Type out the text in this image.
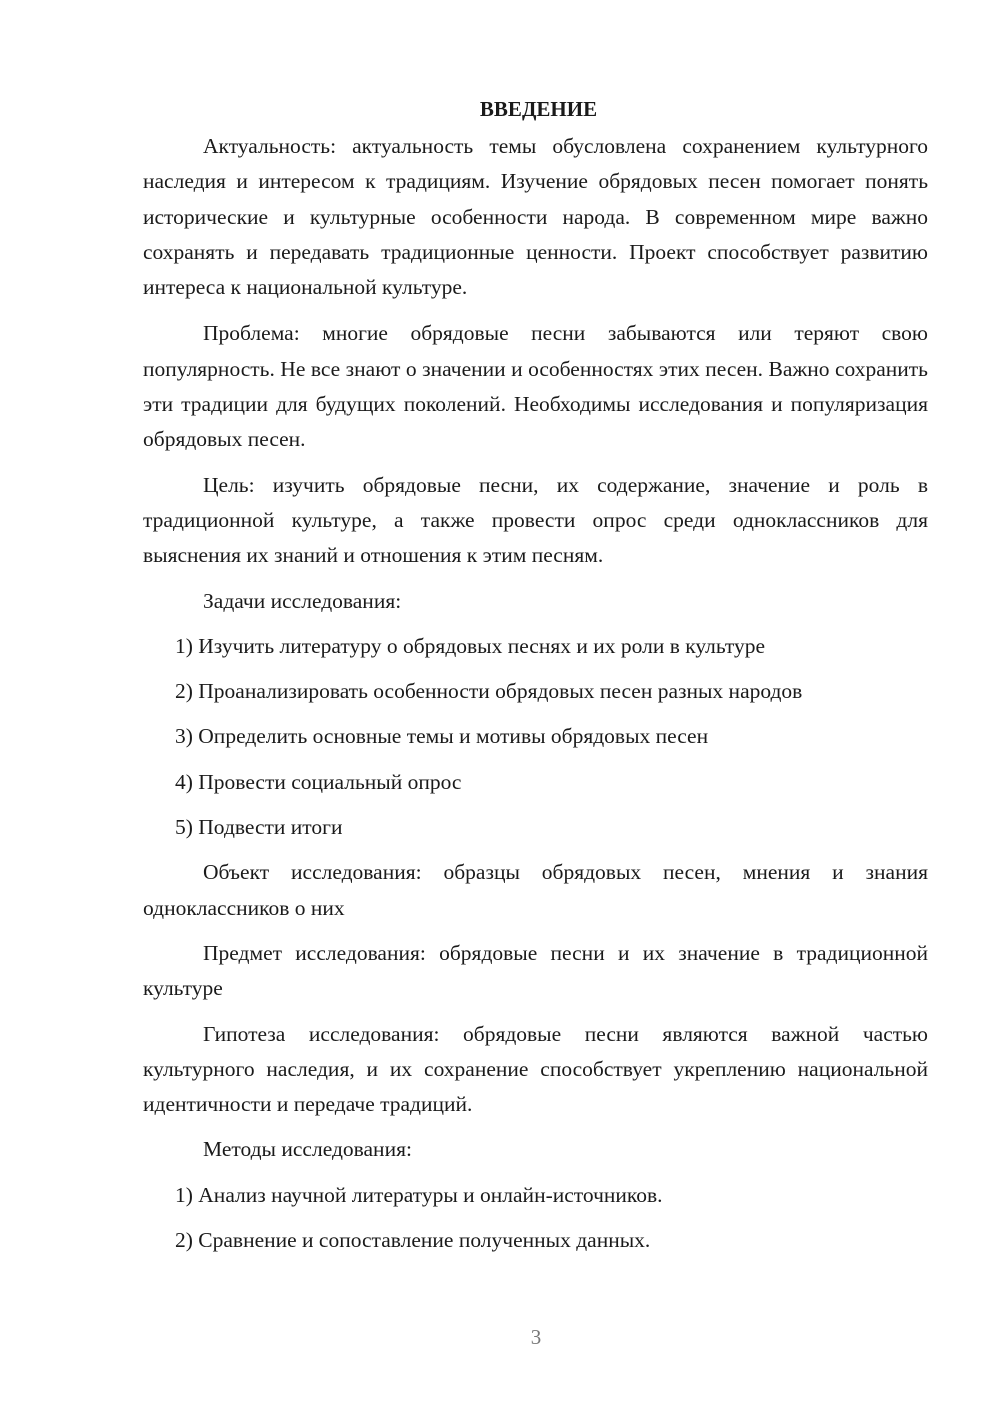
ВВЕДЕНИЕ

Актуальность: актуальность темы обусловлена сохранением культурного наследия и интересом к традициям. Изучение обрядовых песен помогает понять исторические и культурные особенности народа. В современном мире важно сохранять и передавать традиционные ценности. Проект способствует развитию интереса к национальной культуре.

Проблема: многие обрядовые песни забываются или теряют свою популярность. Не все знают о значении и особенностях этих песен. Важно сохранить эти традиции для будущих поколений. Необходимы исследования и популяризация обрядовых песен.

Цель: изучить обрядовые песни, их содержание, значение и роль в традиционной культуре, а также провести опрос среди одноклассников для выяснения их знаний и отношения к этим песням.

Задачи исследования:

1) Изучить литературу о обрядовых песнях и их роли в культуре
2) Проанализировать особенности обрядовых песен разных народов
3) Определить основные темы и мотивы обрядовых песен
4) Провести социальный опрос
5) Подвести итоги

Объект исследования: образцы обрядовых песен, мнения и знания одноклассников о них

Предмет исследования: обрядовые песни и их значение в традиционной культуре

Гипотеза исследования: обрядовые песни являются важной частью культурного наследия, и их сохранение способствует укреплению национальной идентичности и передаче традиций.

Методы исследования:

1) Анализ научной литературы и онлайн-источников.
2) Сравнение и сопоставление полученных данных.
3
